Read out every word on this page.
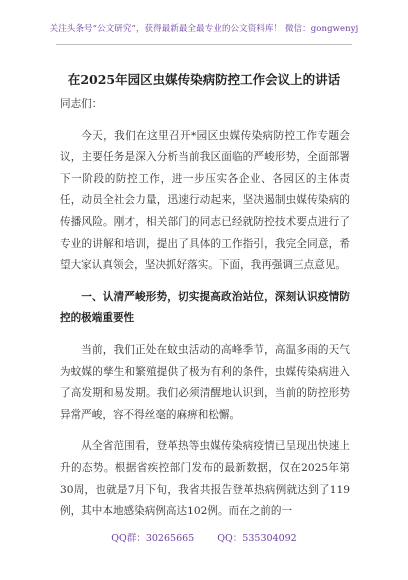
关注头条号“公文研究”，获得最新最全最专业的公文资料库！ 微信：gongwenyj
在2025年园区虫媒传染病防控工作会议上的讲话

同志们：

今天，我们在这里召开*园区虫媒传染病防控工作专题会议，主要任务是深入分析当前我区面临的严峻形势，全面部署下一阶段的防控工作，进一步压实各企业、各园区的主体责任，动员全社会力量，迅速行动起来，坚决遏制虫媒传染病的传播风险。刚才，相关部门的同志已经就防控技术要点进行了专业的讲解和培训，提出了具体的工作指引，我完全同意，希望大家认真领会，坚决抓好落实。下面，我再强调三点意见。

一、认清严峻形势，切实提高政治站位，深刻认识疫情防控的极端重要性

当前，我们正处在蚊虫活动的高峰季节，高温多雨的天气为蚊媒的孳生和繁殖提供了极为有利的条件，虫媒传染病进入了高发期和易发期。我们必须清醒地认识到，当前的防控形势异常严峻，容不得丝毫的麻痹和松懈。

从全省范围看，登革热等虫媒传染病疫情已呈现出快速上升的态势。根据省疾控部门发布的最新数据，仅在2025年第30周，也就是7月下旬，我省共报告登革热病例就达到了119例，其中本地感染病例高达102例。而在之前的一

QQ群：30265665 QQ：535304092
